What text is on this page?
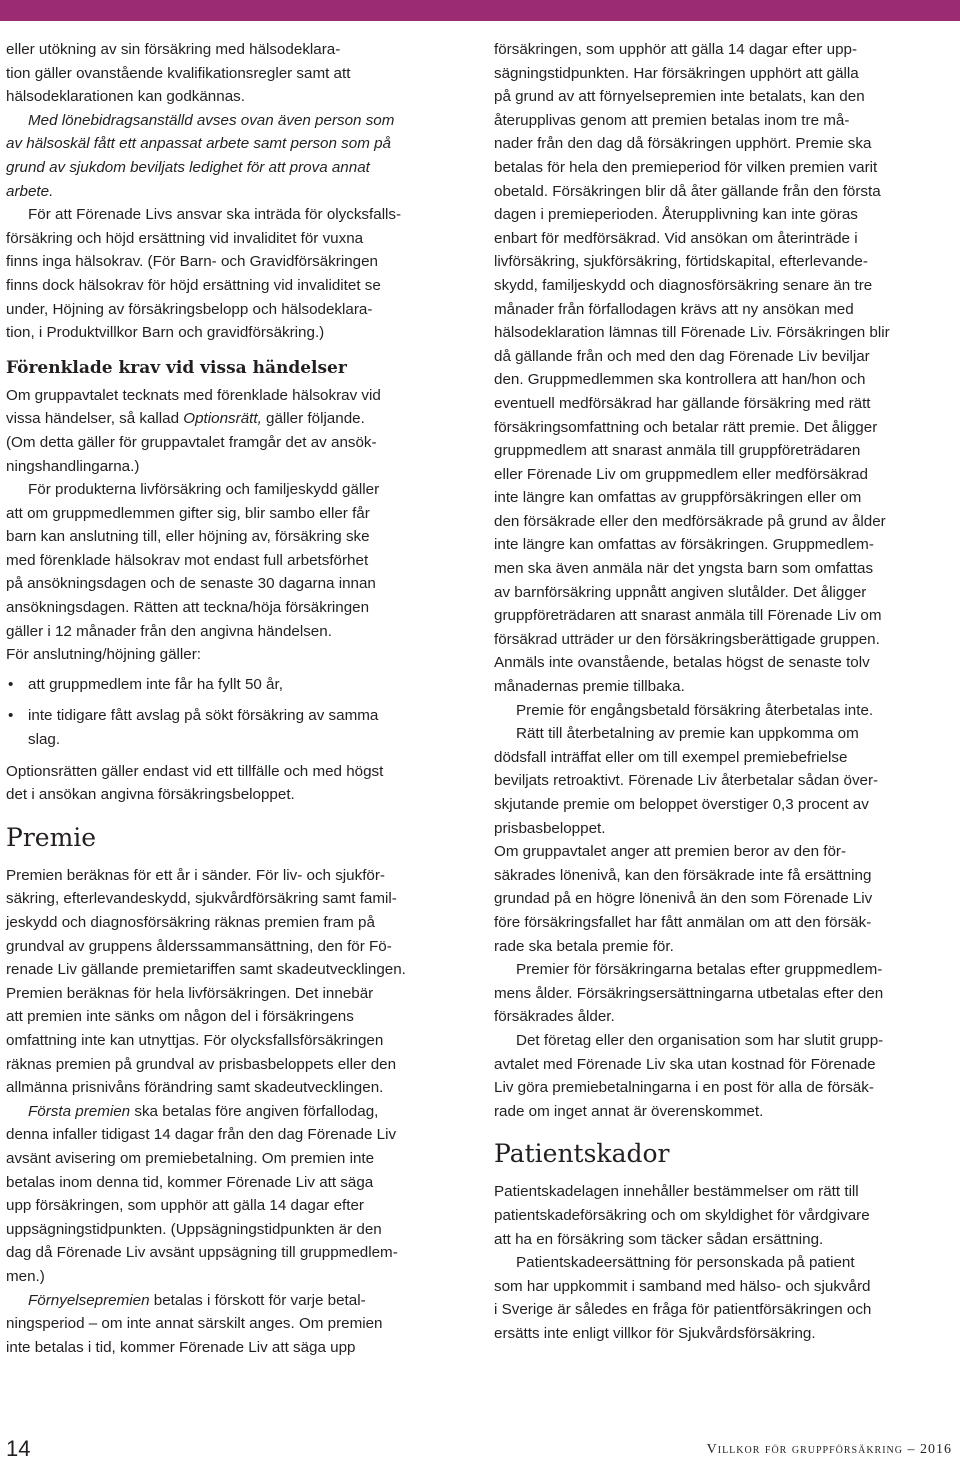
eller utökning av sin försäkring med hälsodeklara-
tion gäller ovanstående kvalifikationsregler samt att
hälsodeklarationen kan godkännas.

Med lönebidragsanställd avses ovan även person som
av hälsoskäl fått ett anpassat arbete samt person som på
grund av sjukdom beviljats ledighet för att prova annat
arbete.

För att Förenade Livs ansvar ska inträda för olycksfalls-
försäkring och höjd ersättning vid invaliditet för vuxna
finns inga hälsokrav. (För Barn- och Gravidförsäkringen
finns dock hälsokrav för höjd ersättning vid invaliditet se
under, Höjning av försäkringsbelopp och hälsodeklara-
tion, i Produktvillkor Barn och gravidförsäkring.)

Förenklade krav vid vissa händelser

Om gruppavtalet tecknats med förenklade hälsokrav vid
vissa händelser, så kallad Optionsrätt, gäller följande.
(Om detta gäller för gruppavtalet framgår det av ansök-
ningshandlingarna.)

För produkterna livförsäkring och familjeskydd gäller
att om gruppmedlemmen gifter sig, blir sambo eller får
barn kan anslutning till, eller höjning av, försäkring ske
med förenklade hälsokrav mot endast full arbetsförhet
på ansökningsdagen och de senaste 30 dagarna innan
ansökningsdagen. Rätten att teckna/höja försäkringen
gäller i 12 månader från den angivna händelsen.

För anslutning/höjning gäller:

• att gruppmedlem inte får ha fyllt 50 år,
• inte tidigare fått avslag på sökt försäkring av samma
slag.

Optionsrätten gäller endast vid ett tillfälle och med högst
det i ansökan angivna försäkringsbeloppet.

Premie

Premien beräknas för ett år i sänder. För liv- och sjukför-
säkring, efterlevandeskydd, sjukvårdförsäkring samt famil-
jeskydd och diagnosförsäkring räknas premien fram på
grundval av gruppens ålderssammansättning, den för Fö-
renade Liv gällande premietariffen samt skadeutvecklingen.
Premien beräknas för hela livförsäkringen. Det innebär
att premien inte sänks om någon del i försäkringens
omfattning inte kan utnyttjas. För olycksfallsförsäkringen
räknas premien på grundval av prisbasbeloppets eller den
allmänna prisnivåns förändring samt skadeutvecklingen.

Första premien ska betalas före angiven förfallodag,
denna infaller tidigast 14 dagar från den dag Förenade Liv
avsänt avisering om premiebetalning. Om premien inte
betalas inom denna tid, kommer Förenade Liv att säga
upp försäkringen, som upphör att gälla 14 dagar efter
uppsägningstidpunkten. (Uppsägningstidpunkten är den
dag då Förenade Liv avsänt uppsägning till gruppmedlem-
men.)

Förnyelsepremien betalas i förskott för varje betal-
ningsperiod – om inte annat särskilt anges. Om premien
inte betalas i tid, kommer Förenade Liv att säga upp

försäkringen, som upphör att gälla 14 dagar efter upp-
sägningstidpunkten. Har försäkringen upphört att gälla
på grund av att förnyelsepremien inte betalats, kan den
återupplivas genom att premien betalas inom tre må-
nader från den dag då försäkringen upphört. Premie ska
betalas för hela den premieperiod för vilken premien varit
obetald. Försäkringen blir då åter gällande från den första
dagen i premieperioden. Återupplivning kan inte göras
enbart för medförsäkrad. Vid ansökan om återinträde i
livförsäkring, sjukförsäkring, förtidskapital, efterlevande-
skydd, familjeskydd och diagnosförsäkring senare än tre
månader från förfallodagen krävs att ny ansökan med
hälsodeklaration lämnas till Förenade Liv. Försäkringen blir
då gällande från och med den dag Förenade Liv beviljar
den. Gruppmedlemmen ska kontrollera att han/hon och
eventuell medförsäkrad har gällande försäkring med rätt
försäkringsomfattning och betalar rätt premie. Det åligger
gruppmedlem att snarast anmäla till gruppföreträdaren
eller Förenade Liv om gruppmedlem eller medförsäkrad
inte längre kan omfattas av gruppförsäkringen eller om
den försäkrade eller den medförsäkrade på grund av ålder
inte längre kan omfattas av försäkringen. Gruppmedlem-
men ska även anmäla när det yngsta barn som omfattas
av barnförsäkring uppnått angiven slutålder. Det åligger
gruppföreträdaren att snarast anmäla till Förenade Liv om
försäkrad utträder ur den försäkringsberättigade gruppen.
Anmäls inte ovanstående, betalas högst de senaste tolv
månadernas premie tillbaka.

Premie för engångsbetald försäkring återbetalas inte.

Rätt till återbetalning av premie kan uppkomma om
dödsfall inträffat eller om till exempel premiebefrielse
beviljats retroaktivt. Förenade Liv återbetalar sådan över-
skjutande premie om beloppet överstiger 0,3 procent av
prisbasbeloppet.

Om gruppavtalet anger att premien beror av den för-
säkrades lönenivå, kan den försäkrade inte få ersättning
grundad på en högre lönenivå än den som Förenade Liv
före försäkringsfallet har fått anmälan om att den försäk-
rade ska betala premie för.

Premier för försäkringarna betalas efter gruppmedlem-
mens ålder. Försäkringsersättningarna utbetalas efter den
försäkrades ålder.

Det företag eller den organisation som har slutit grupp-
avtalet med Förenade Liv ska utan kostnad för Förenade
Liv göra premiebetalningarna i en post för alla de försäk-
rade om inget annat är överenskommet.

Patientskador

Patientskadelagen innehåller bestämmelser om rätt till
patientskadeförsäkring och om skyldighet för vårdgivare
att ha en försäkring som täcker sådan ersättning.

Patientskadeersättning för personskada på patient
som har uppkommit i samband med hälso- och sjukvård
i Sverige är således en fråga för patientförsäkringen och
ersätts inte enligt villkor för Sjukvårdsförsäkring.

14	Villkor för gruppförsäkring – 2016
